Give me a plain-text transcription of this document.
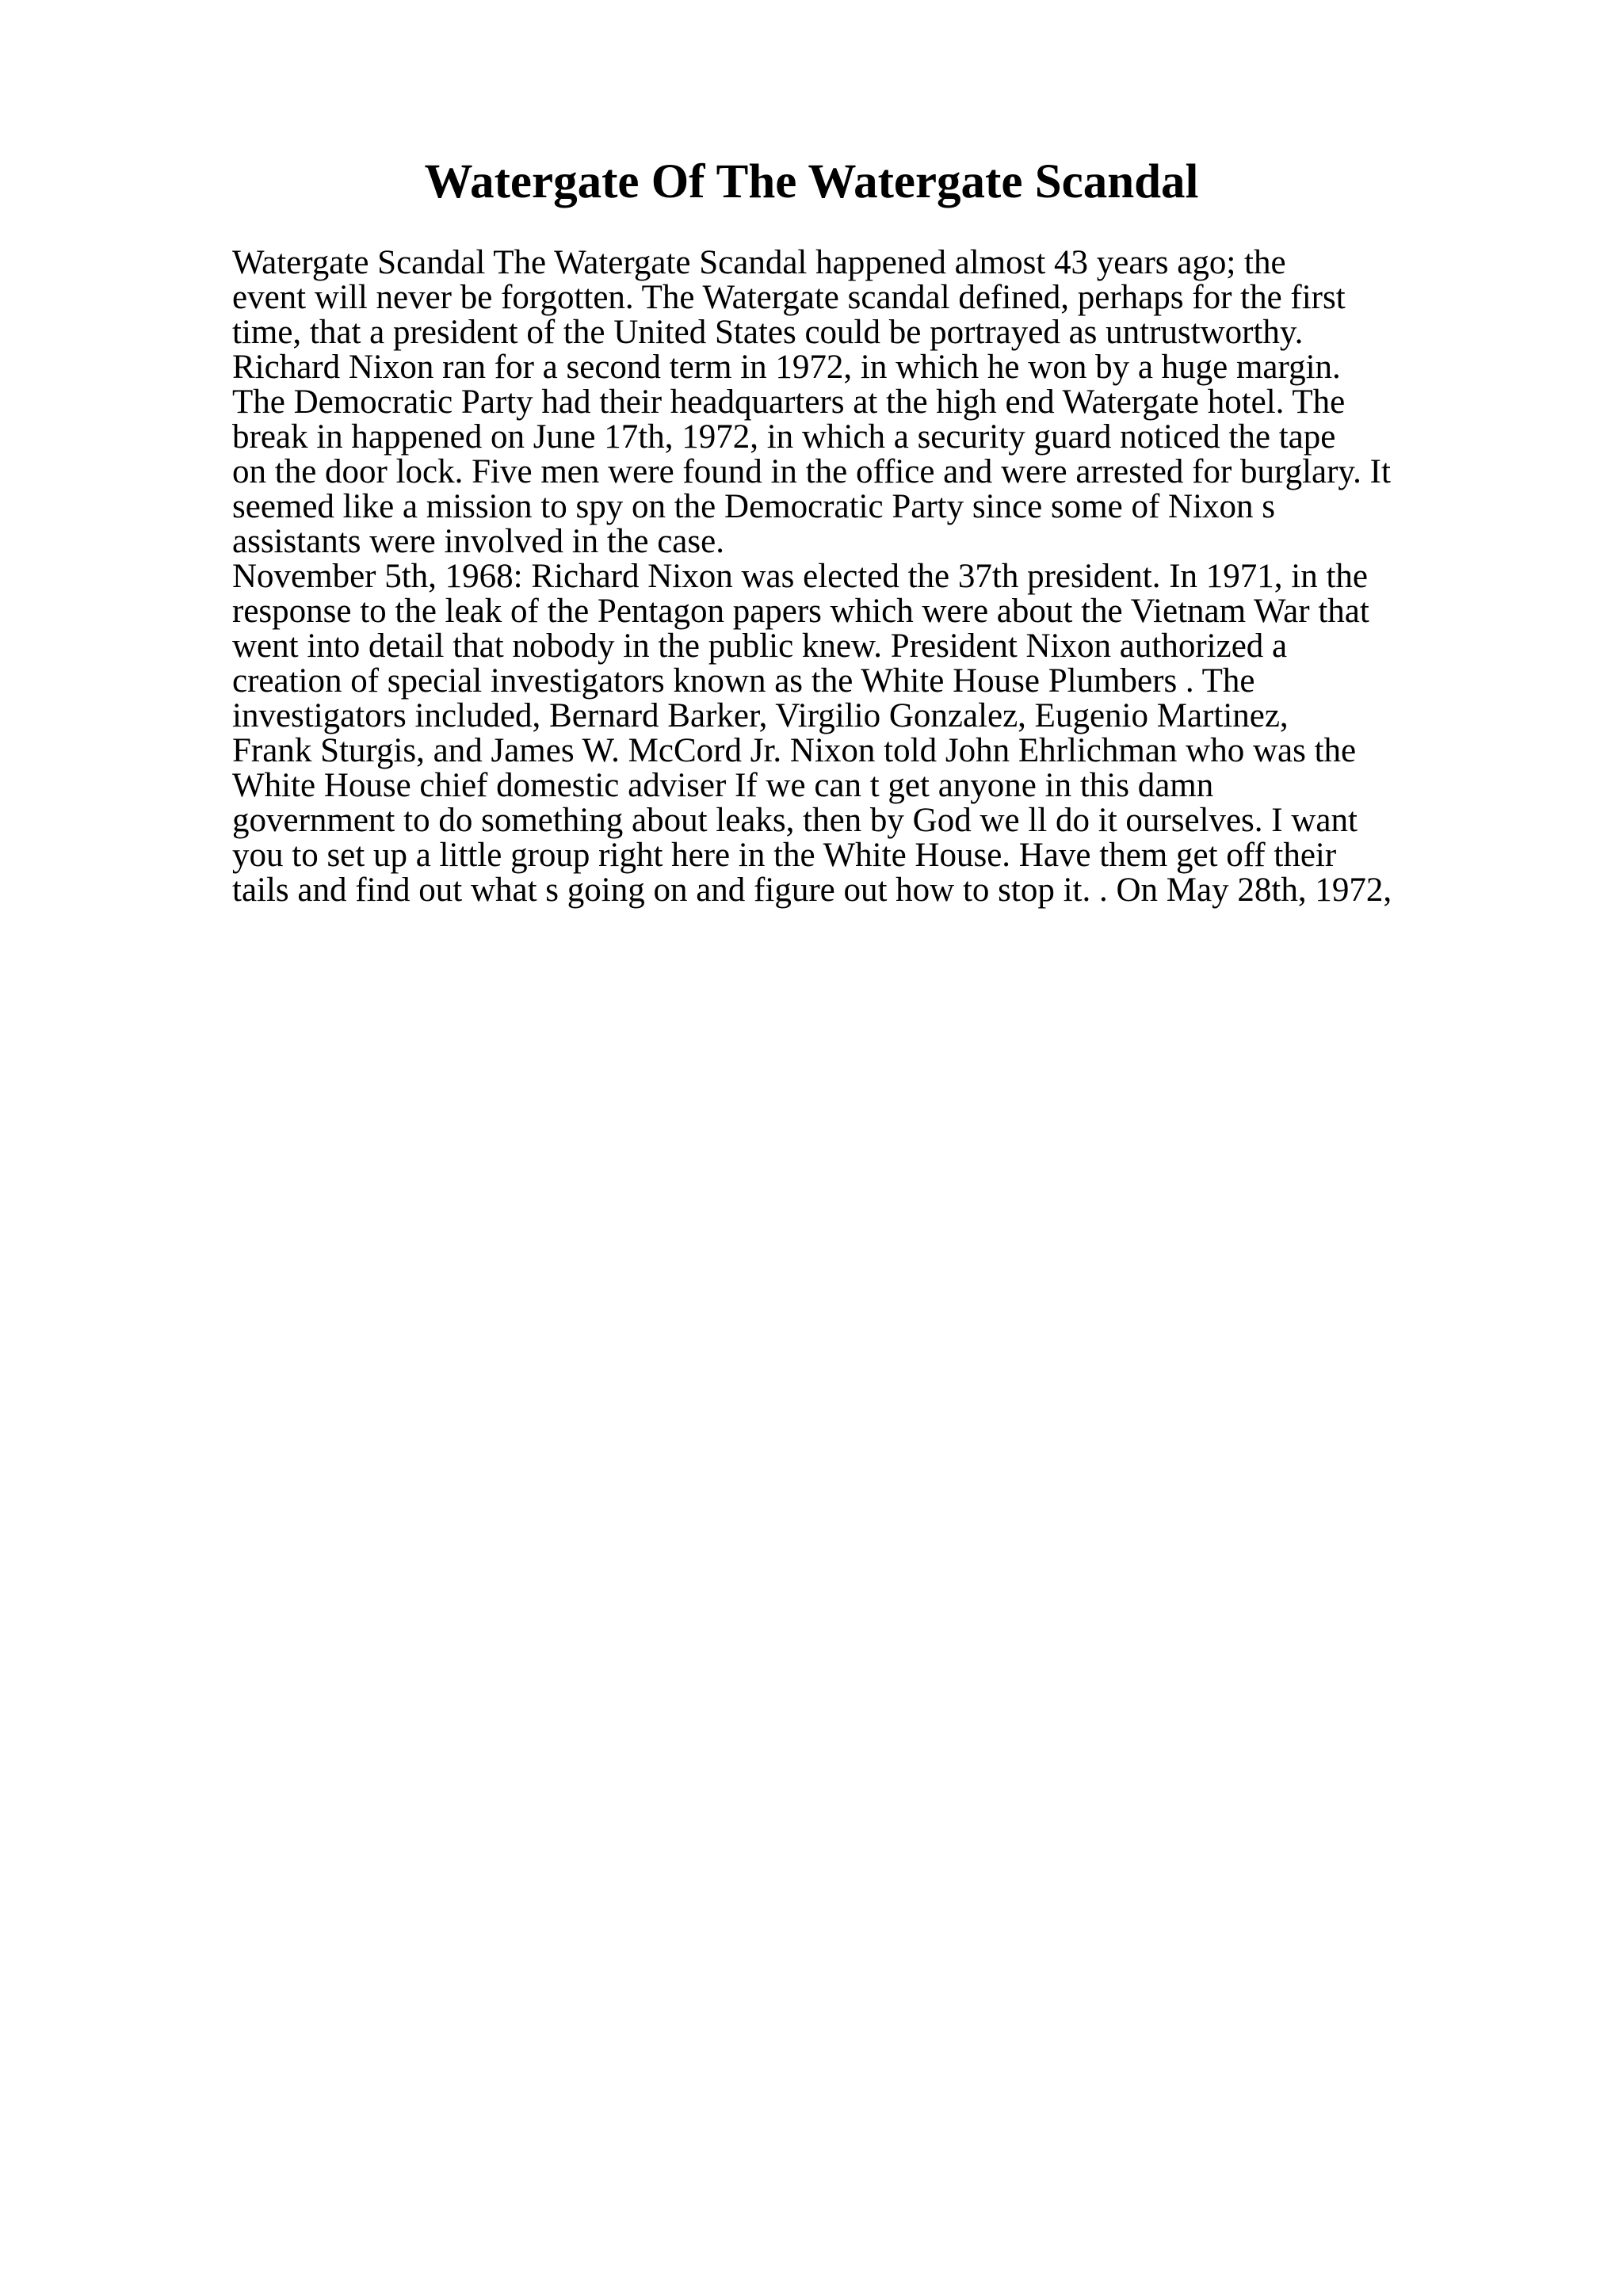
Watergate Of The Watergate Scandal
Watergate Scandal The Watergate Scandal happened almost 43 years ago; the
event will never be forgotten. The Watergate scandal defined, perhaps for the first
time, that a president of the United States could be portrayed as untrustworthy.
Richard Nixon ran for a second term in 1972, in which he won by a huge margin.
The Democratic Party had their headquarters at the high end Watergate hotel. The
break in happened on June 17th, 1972, in which a security guard noticed the tape
on the door lock. Five men were found in the office and were arrested for burglary. It
seemed like a mission to spy on the Democratic Party since some of Nixon s
assistants were involved in the case.
November 5th, 1968: Richard Nixon was elected the 37th president. In 1971, in the
response to the leak of the Pentagon papers which were about the Vietnam War that
went into detail that nobody in the public knew. President Nixon authorized a
creation of special investigators known as the White House Plumbers . The
investigators included, Bernard Barker, Virgilio Gonzalez, Eugenio Martinez,
Frank Sturgis, and James W. McCord Jr. Nixon told John Ehrlichman who was the
White House chief domestic adviser If we can t get anyone in this damn
government to do something about leaks, then by God we ll do it ourselves. I want
you to set up a little group right here in the White House. Have them get off their
tails and find out what s going on and figure out how to stop it. . On May 28th, 1972,
